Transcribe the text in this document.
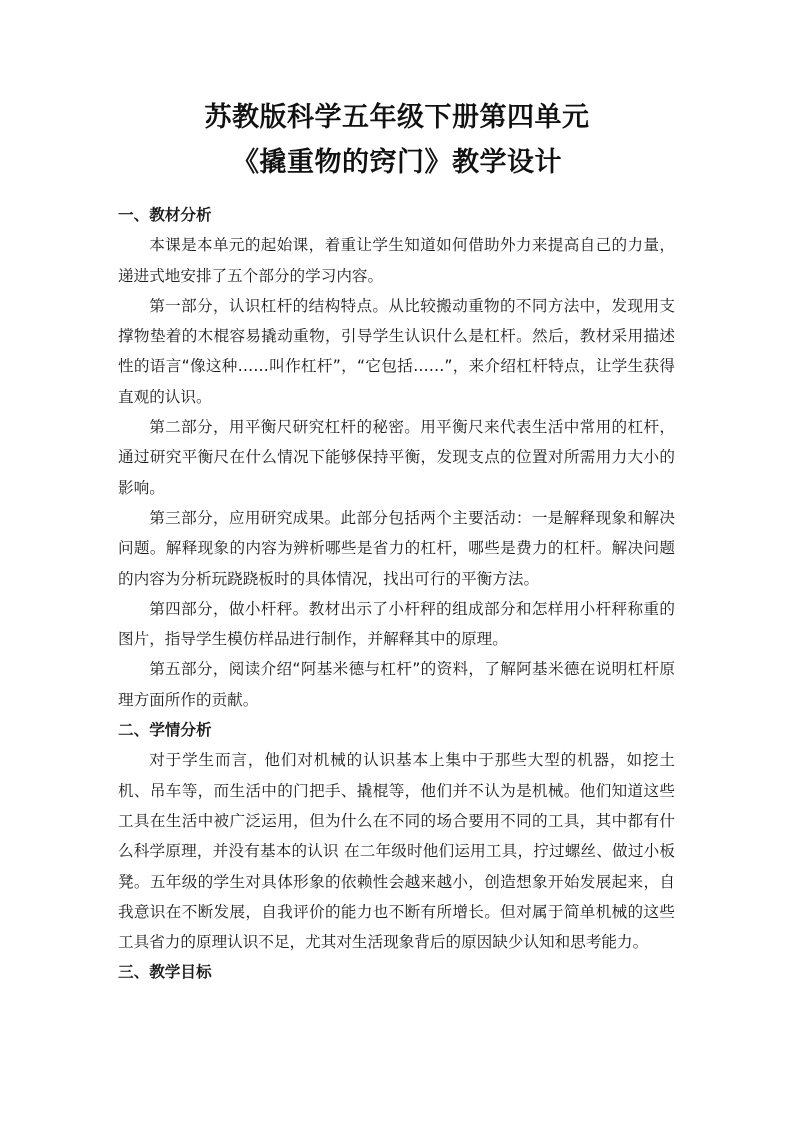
苏教版科学五年级下册第四单元
《撬重物的窍门》教学设计

一、教材分析

本课是本单元的起始课，着重让学生知道如何借助外力来提高自己的力量，递进式地安排了五个部分的学习内容。

第一部分，认识杠杆的结构特点。从比较搬动重物的不同方法中，发现用支撑物垫着的木棍容易撬动重物，引导学生认识什么是杠杆。然后，教材采用描述性的语言“像这种……叫作杠杆”，“它包括……”，来介绍杠杆特点，让学生获得直观的认识。

第二部分，用平衡尺研究杠杆的秘密。用平衡尺来代表生活中常用的杠杆，通过研究平衡尺在什么情况下能够保持平衡，发现支点的位置对所需用力大小的影响。

第三部分，应用研究成果。此部分包括两个主要活动：一是解释现象和解决问题。解释现象的内容为辨析哪些是省力的杠杆，哪些是费力的杠杆。解决问题的内容为分析玩跷跷板时的具体情况，找出可行的平衡方法。

第四部分，做小杆秤。教材出示了小杆秤的组成部分和怎样用小杆秤称重的图片，指导学生模仿样品进行制作，并解释其中的原理。

第五部分，阅读介绍“阿基米德与杠杆”的资料，了解阿基米德在说明杠杆原理方面所作的贡献。

二、学情分析

对于学生而言，他们对机械的认识基本上集中于那些大型的机器，如挖土机、吊车等，而生活中的门把手、撬棍等，他们并不认为是机械。他们知道这些工具在生活中被广泛运用，但为什么在不同的场合要用不同的工具，其中都有什么科学原理，并没有基本的认识 在二年级时他们运用工具，拧过螺丝、做过小板凳。五年级的学生对具体形象的依赖性会越来越小，创造想象开始发展起来，自我意识在不断发展，自我评价的能力也不断有所增长。但对属于简单机械的这些工具省力的原理认识不足，尤其对生活现象背后的原因缺少认知和思考能力。

三、教学目标
